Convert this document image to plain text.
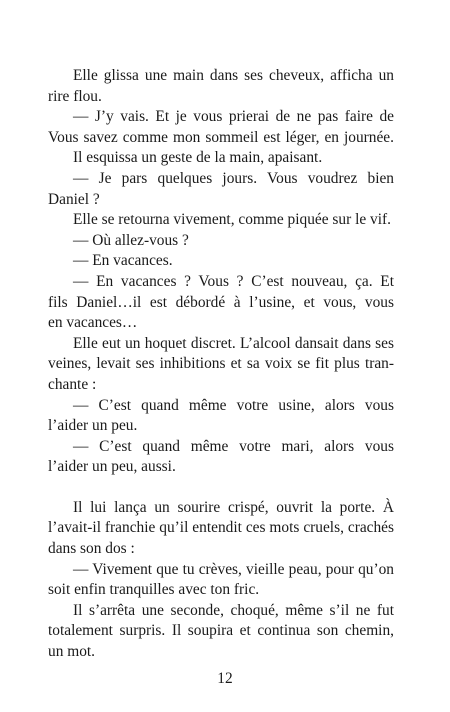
Elle glissa une main dans ses cheveux, afficha un
rire flou.
— J’y vais. Et je vous prierai de ne pas faire de
Vous savez comme mon sommeil est léger, en journée.
Il esquissa un geste de la main, apaisant.
— Je pars quelques jours. Vous voudrez bien
Daniel ?
Elle se retourna vivement, comme piquée sur le vif.
— Où allez-vous ?
— En vacances.
— En vacances ? Vous ? C’est nouveau, ça. Et
fils Daniel…il est débordé à l’usine, et vous, vous
en vacances…
Elle eut un hoquet discret. L’alcool dansait dans ses
veines, levait ses inhibitions et sa voix se fit plus tran-
chante :
— C’est quand même votre usine, alors vous
l’aider un peu.
— C’est quand même votre mari, alors vous
l’aider un peu, aussi.
Il lui lança un sourire crispé, ouvrit la porte. À
l’avait-il franchie qu’il entendit ces mots cruels, crachés
dans son dos :
— Vivement que tu crèves, vieille peau, pour qu’on
soit enfin tranquilles avec ton fric.
Il s’arrêta une seconde, choqué, même s’il ne fut
totalement surpris. Il soupira et continua son chemin,
un mot.
12
